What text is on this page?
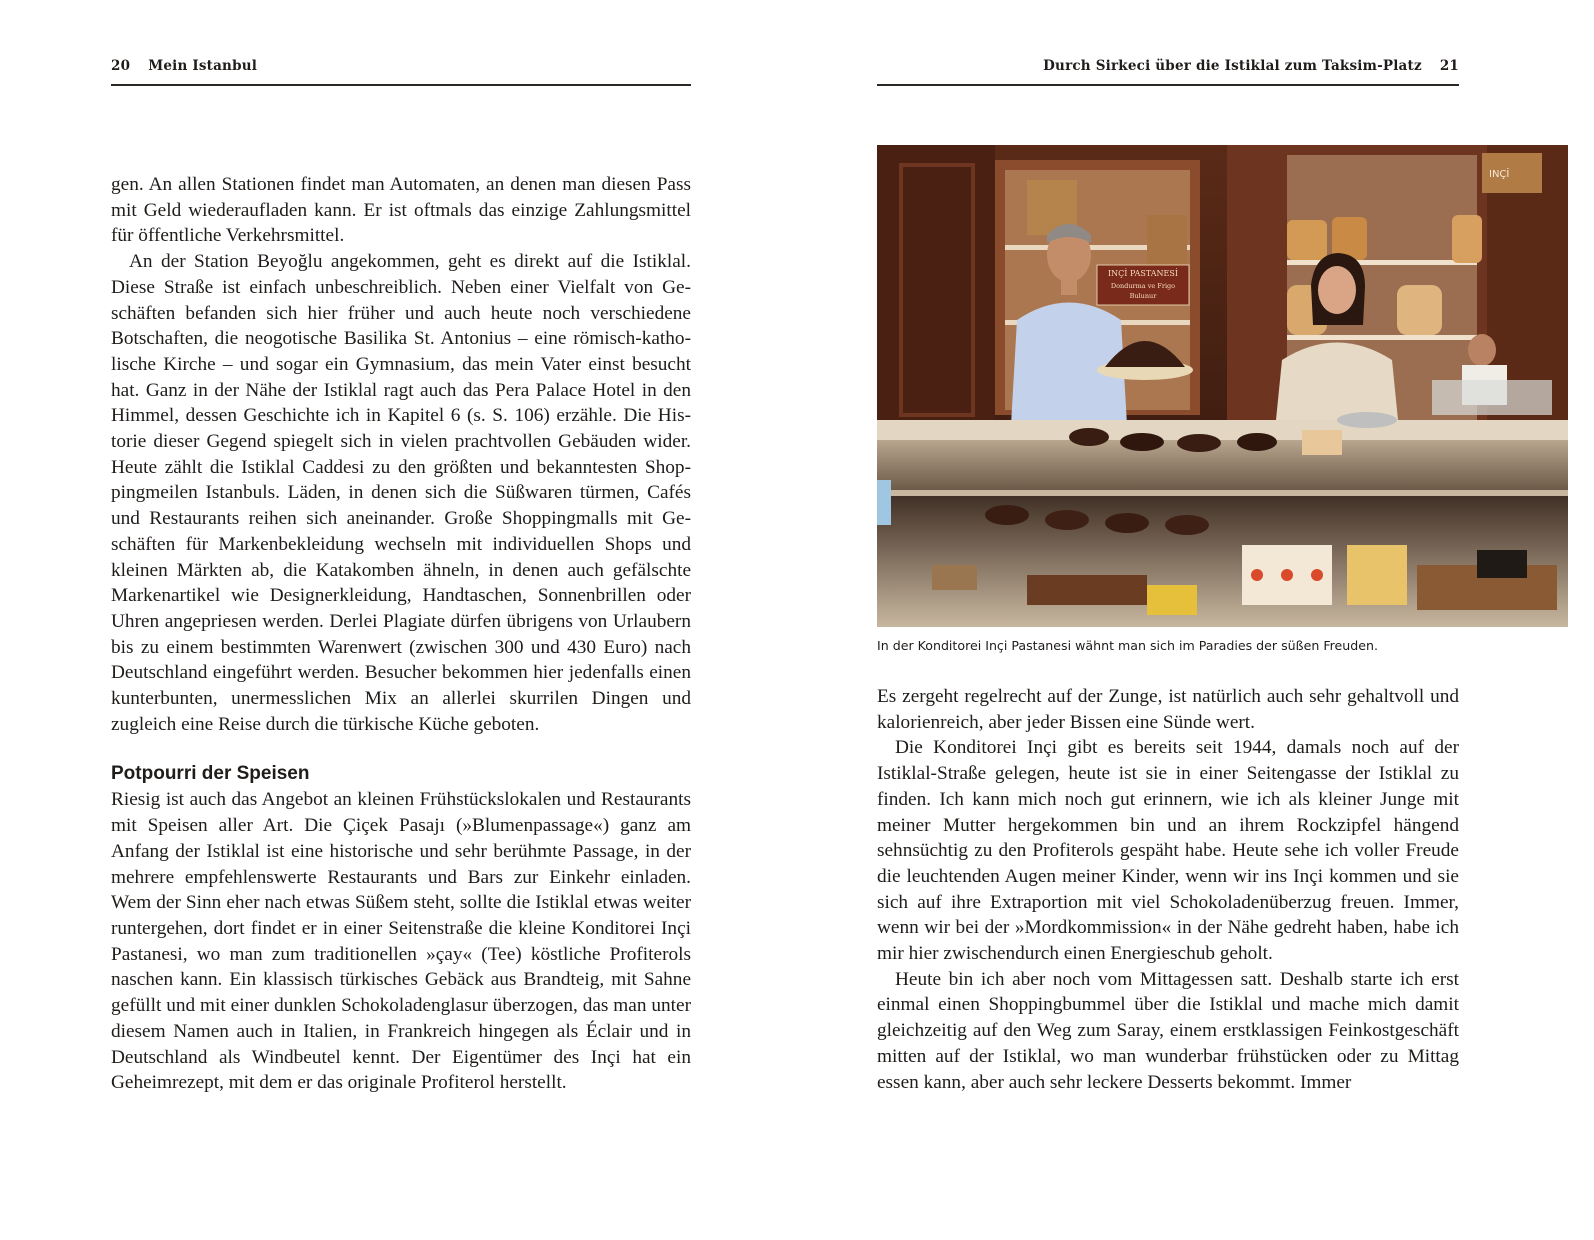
20 Mein Istanbul	Durch Sirkeci über die Istiklal zum Taksim-Platz 21

gen. An allen Stationen findet man Automaten, an denen man diesen Pass mit Geld wiederaufladen kann. Er ist oftmals das einzige Zahlungsmittel für öffentliche Verkehrsmittel.

An der Station Beyoğlu angekommen, geht es direkt auf die Istiklal. Diese Straße ist einfach unbeschreiblich. Neben einer Vielfalt von Geschäften befanden sich hier früher und auch heute noch verschiedene Botschaften, die neogotische Basilika St. Antonius – eine römisch-katholische Kirche – und sogar ein Gymnasium, das mein Vater einst besucht hat. Ganz in der Nähe der Istiklal ragt auch das Pera Palace Hotel in den Himmel, dessen Geschichte ich in Kapitel 6 (s. S. 106) erzähle. Die Historie dieser Gegend spiegelt sich in vielen prachtvollen Gebäuden wider. Heute zählt die Istiklal Caddesi zu den größten und bekanntesten Shoppingmeilen Istanbuls. Läden, in denen sich die Süßwaren türmen, Cafés und Restaurants reihen sich aneinander. Große Shoppingmalls mit Geschäften für Markenbekleidung wechseln mit individuellen Shops und kleinen Märkten ab, die Katakomben ähneln, in denen auch gefälschte Markenartikel wie Designerkleidung, Handtaschen, Sonnenbrillen oder Uhren angepriesen werden. Derlei Plagiate dürfen übrigens von Urlaubern bis zu einem bestimmten Warenwert (zwischen 300 und 430 Euro) nach Deutschland eingeführt werden. Besucher bekommen hier jedenfalls einen kunterbunten, unermesslichen Mix an allerlei skurrilen Dingen und zugleich eine Reise durch die türkische Küche geboten.

Potpourri der Speisen

Riesig ist auch das Angebot an kleinen Frühstückslokalen und Restaurants mit Speisen aller Art. Die Çiçek Pasajı (»Blumenpassage«) ganz am Anfang der Istiklal ist eine historische und sehr berühmte Passage, in der mehrere empfehlenswerte Restaurants und Bars zur Einkehr einladen. Wem der Sinn eher nach etwas Süßem steht, sollte die Istiklal etwas weiter runtergehen, dort findet er in einer Seitenstraße die kleine Konditorei Inçi Pastanesi, wo man zum traditionellen »çay« (Tee) köstliche Profiterols naschen kann. Ein klassisch türkisches Gebäck aus Brandteig, mit Sahne gefüllt und mit einer dunklen Schokoladenglasur überzogen, das man unter diesem Namen auch in Italien, in Frankreich hingegen als Éclair und in Deutschland als Windbeutel kennt. Der Eigentümer des Inçi hat ein Geheimrezept, mit dem er das originale Profiterol herstellt.

INÇİ
INÇİ PASTANESİ
Dondurma ve Frigo
Bulunur
In der Konditorei Inçi Pastanesi wähnt man sich im Paradies der süßen Freuden.

Es zergeht regelrecht auf der Zunge, ist natürlich auch sehr gehaltvoll und kalorienreich, aber jeder Bissen eine Sünde wert.

Die Konditorei Inçi gibt es bereits seit 1944, damals noch auf der Istiklal-Straße gelegen, heute ist sie in einer Seitengasse der Istiklal zu finden. Ich kann mich noch gut erinnern, wie ich als kleiner Junge mit meiner Mutter hergekommen bin und an ihrem Rockzipfel hängend sehnsüchtig zu den Profiterols gespäht habe. Heute sehe ich voller Freude die leuchtenden Augen meiner Kinder, wenn wir ins Inçi kommen und sie sich auf ihre Extraportion mit viel Schokoladenüberzug freuen. Immer, wenn wir bei der »Mordkommission« in der Nähe gedreht haben, habe ich mir hier zwischendurch einen Energieschub geholt.

Heute bin ich aber noch vom Mittagessen satt. Deshalb starte ich erst einmal einen Shoppingbummel über die Istiklal und mache mich damit gleichzeitig auf den Weg zum Saray, einem erstklassigen Feinkostgeschäft mitten auf der Istiklal, wo man wunderbar frühstücken oder zu Mittag essen kann, aber auch sehr leckere Desserts bekommt. Immer
